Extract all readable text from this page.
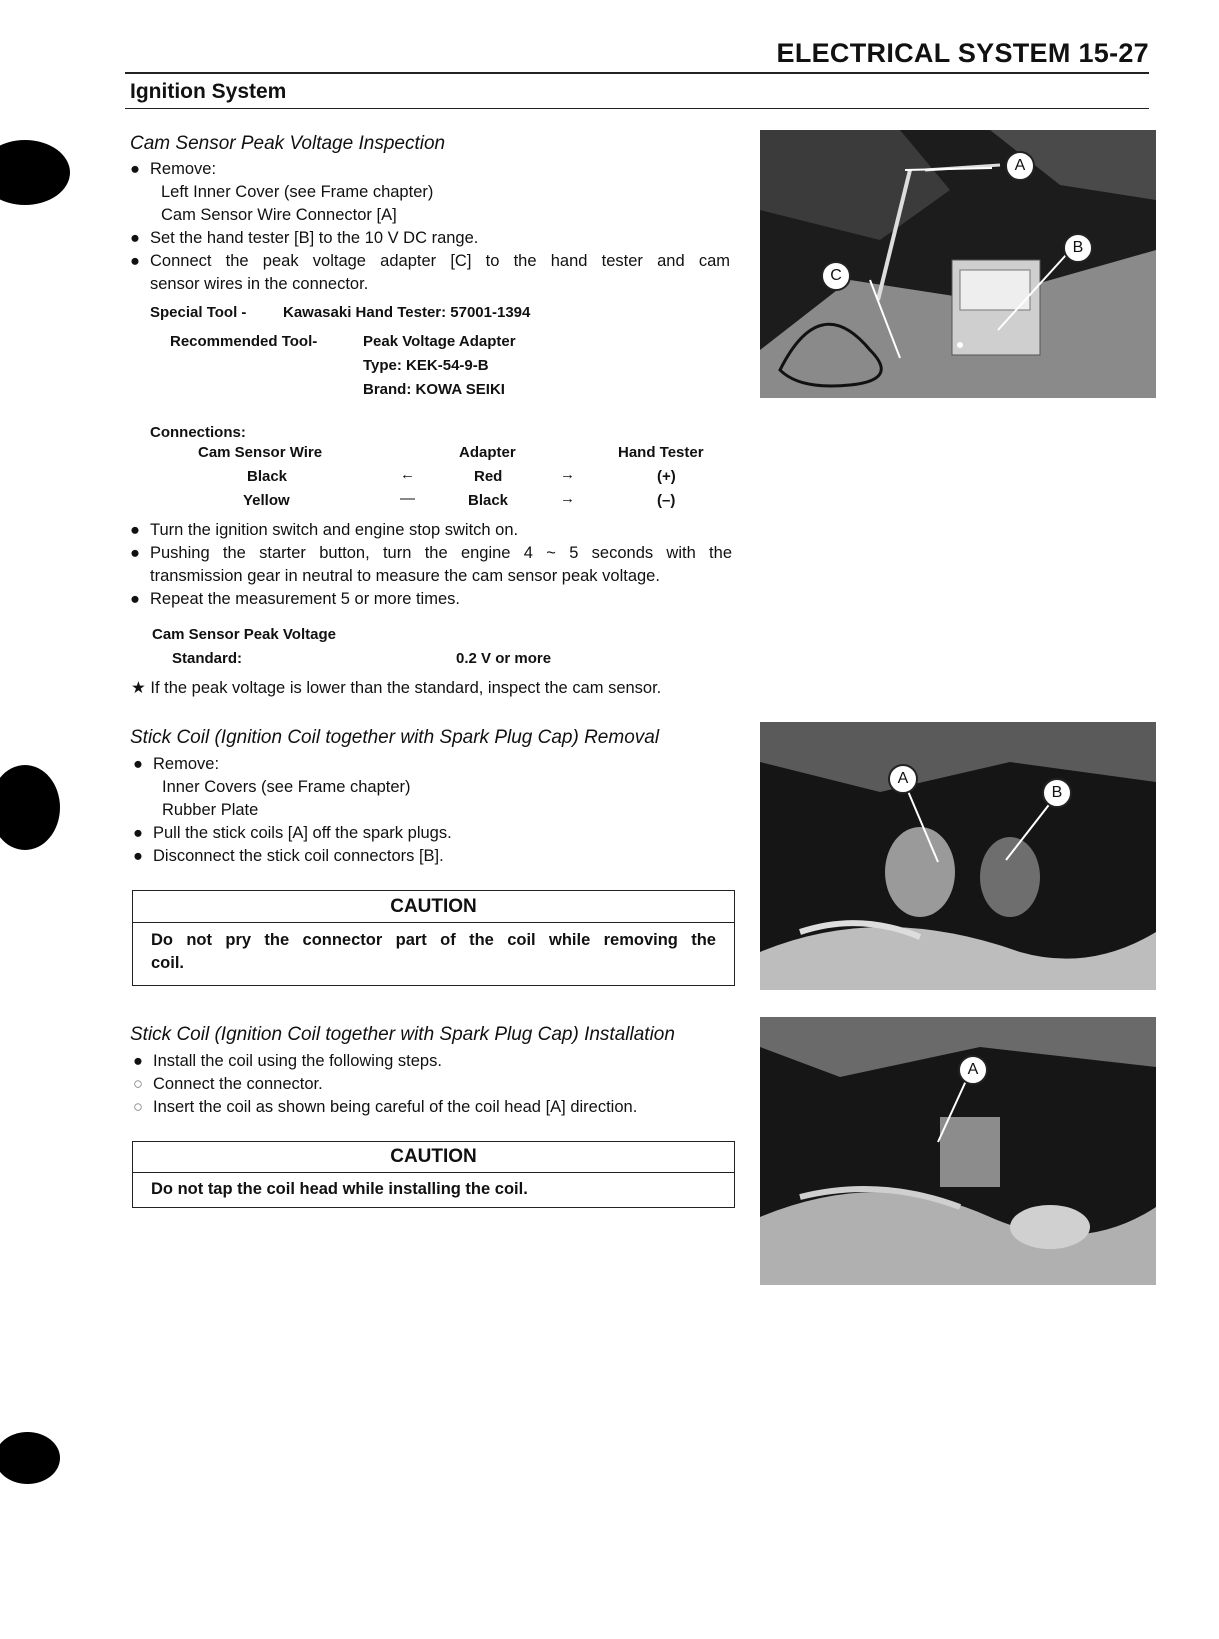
ELECTRICAL SYSTEM 15-27
Ignition System
Cam Sensor Peak Voltage Inspection
● Remove:
Left Inner Cover (see Frame chapter)
Cam Sensor Wire Connector [A]
● Set the hand tester [B] to the 10 V DC range.
● Connect the peak voltage adapter [C] to the hand tester and cam
sensor wires in the connector.
Special Tool - Kawasaki Hand Tester: 57001-1394
Recommended Tool-	Peak Voltage Adapter
Type: KEK-54-9-B
Brand: KOWA SEIKI
Connections:
Cam Sensor Wire	Adapter	Hand Tester
Black	←	Red	→	(+)
Yellow	—	Black	→	(–)
● Turn the ignition switch and engine stop switch on.
● Pushing the starter button, turn the engine 4 ~ 5 seconds with the
transmission gear in neutral to measure the cam sensor peak voltage.
● Repeat the measurement 5 or more times.
Cam Sensor Peak Voltage
Standard:	0.2 V or more
★ If the peak voltage is lower than the standard, inspect the cam sensor.
A
B
C
Stick Coil (Ignition Coil together with Spark Plug Cap) Removal
● Remove:
Inner Covers (see Frame chapter)
Rubber Plate
● Pull the stick coils [A] off the spark plugs.
● Disconnect the stick coil connectors [B].
CAUTION
Do not pry the connector part of the coil while removing the
coil.
A
B
Stick Coil (Ignition Coil together with Spark Plug Cap) Installation
● Install the coil using the following steps.
○ Connect the connector.
○ Insert the coil as shown being careful of the coil head [A] direction.
CAUTION
Do not tap the coil head while installing the coil.
A
